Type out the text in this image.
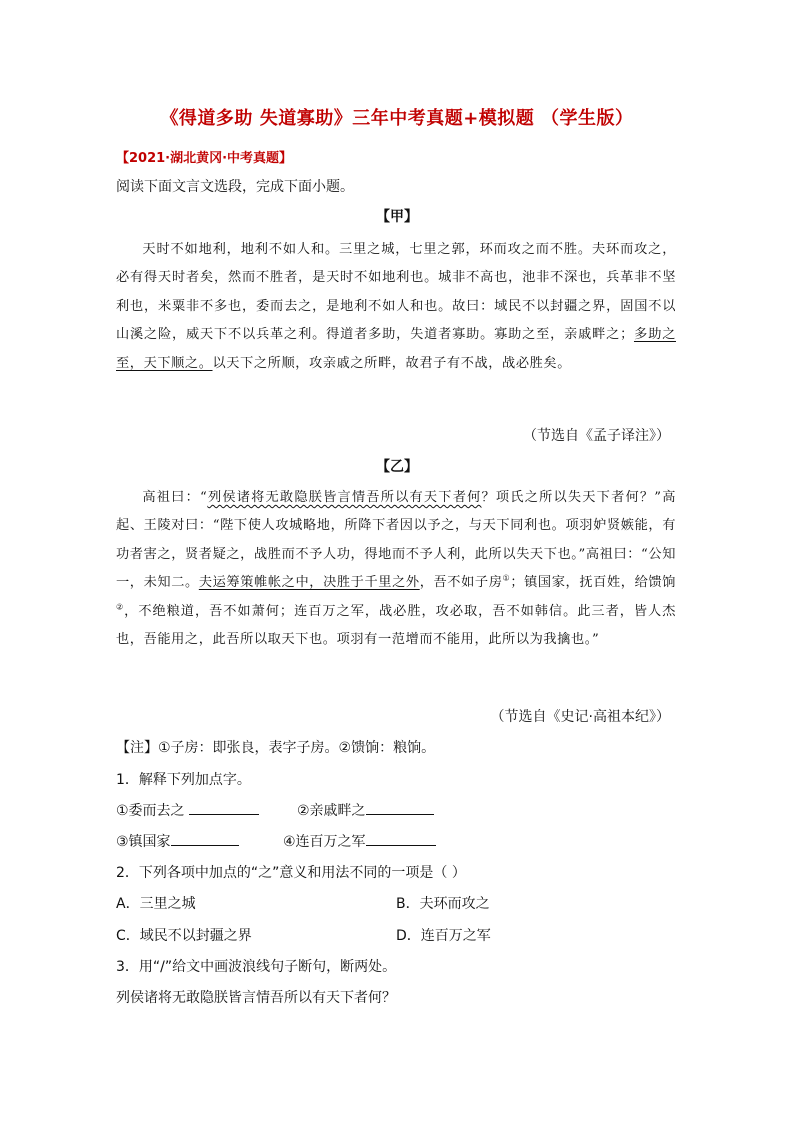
《得道多助 失道寡助》三年中考真题+模拟题 （学生版）
【2021·湖北黄冈·中考真题】
阅读下面文言文选段，完成下面小题。
【甲】

天时不如地利，地利不如人和。三里之城，七里之郭，环而攻之而不胜。夫环而攻之，必有得天时者矣，然而不胜者，是天时不如地利也。城非不高也，池非不深也，兵革非不坚利也，米粟非不多也，委而去之，是地利不如人和也。故曰：域民不以封疆之界，固国不以山溪之险，威天下不以兵革之利。得道者多助，失道者寡助。寡助之至，亲戚畔之；多助之至，天下顺之。以天下之所顺，攻亲戚之所畔，故君子有不战，战必胜矣。

（节选自《孟子译注》）
【乙】

高祖曰：“列侯诸将无敢隐朕皆言情吾所以有天下者何？项氏之所以失天下者何？”高起、王陵对曰：“陛下使人攻城略地，所降下者因以予之，与天下同利也。项羽妒贤嫉能，有功者害之，贤者疑之，战胜而不予人功，得地而不予人利，此所以失天下也。”高祖曰：“公知一，未知二。夫运筹策帷帐之中，决胜于千里之外，吾不如子房①；镇国家，抚百姓，给馈饷②，不绝粮道，吾不如萧何；连百万之军，战必胜，攻必取，吾不如韩信。此三者，皆人杰也，吾能用之，此吾所以取天下也。项羽有一范增而不能用，此所以为我擒也。”

（节选自《史记·高祖本纪》）
【注】①子房：即张良，表字子房。②馈饷：粮饷。
1．解释下列加点字。
①委而去之	②亲戚畔之
③镇国家	④连百万之军
2．下列各项中加点的“之”意义和用法不同的一项是（ ）
A．三里之城	B．夫环而攻之
C．域民不以封疆之界	D．连百万之军
3．用“/”给文中画波浪线句子断句，断两处。
列侯诸将无敢隐朕皆言情吾所以有天下者何？
